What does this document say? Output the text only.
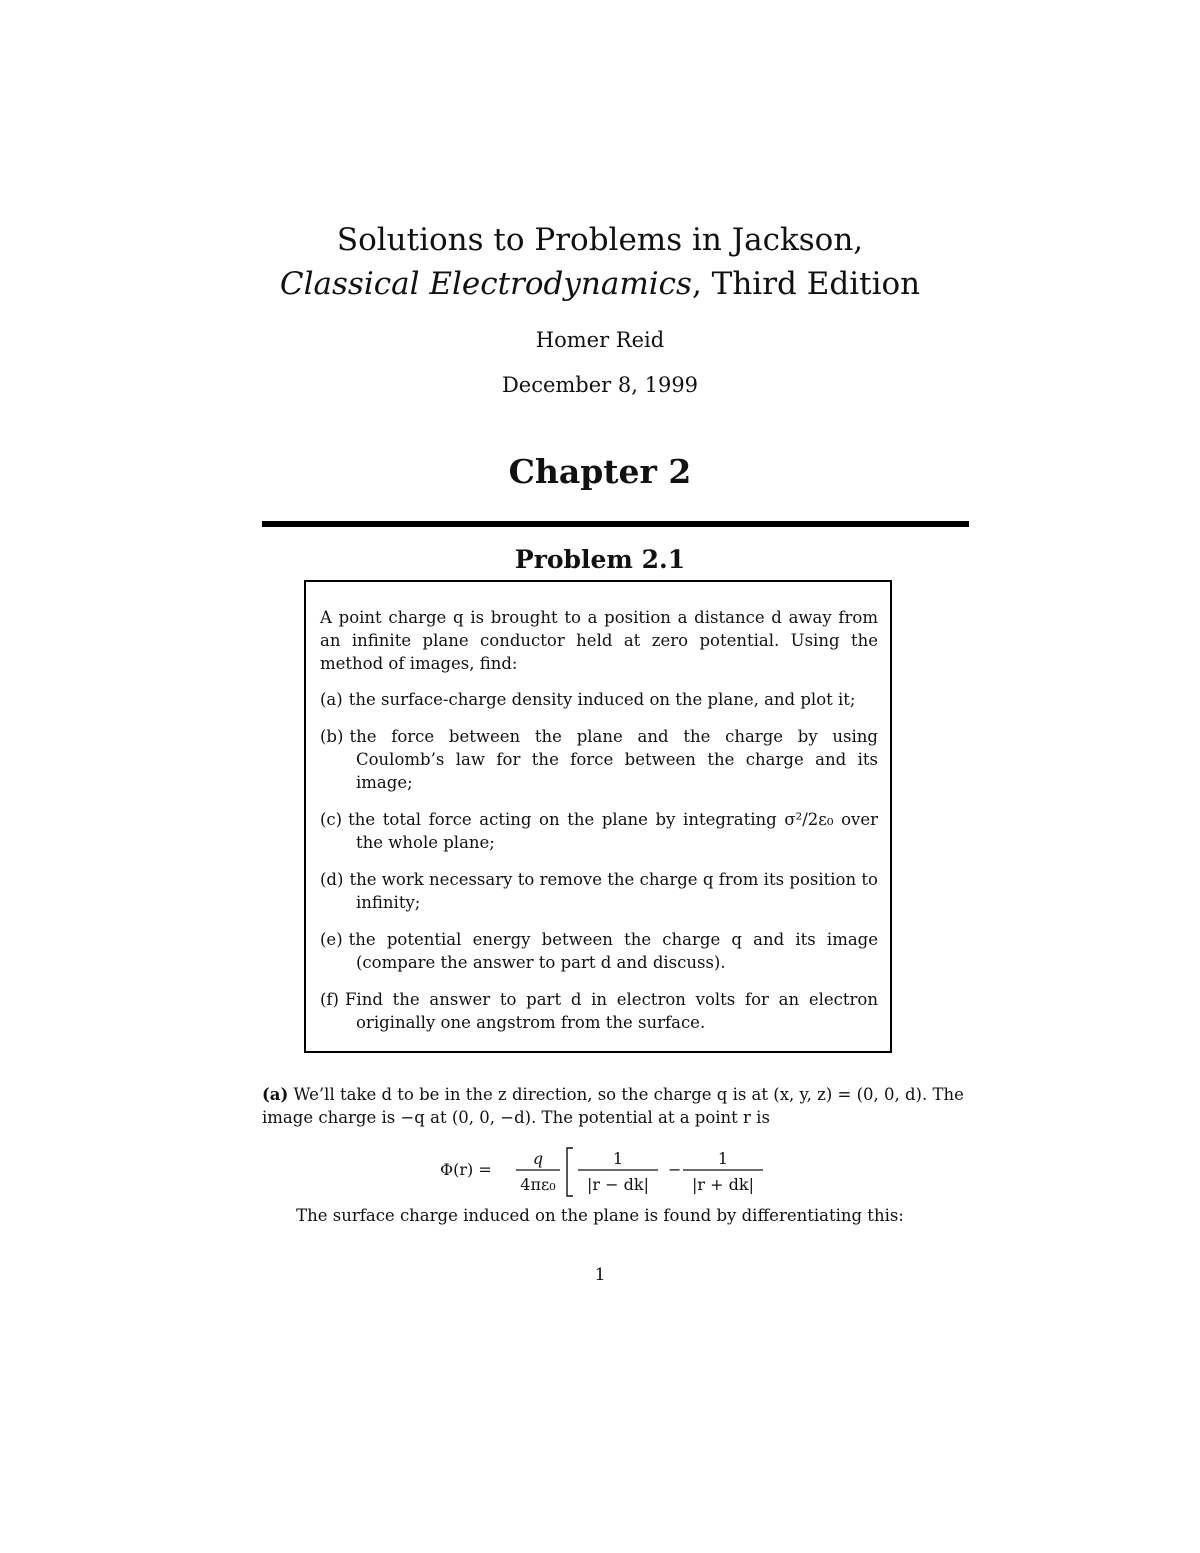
Solutions to Problems in Jackson,
Classical Electrodynamics, Third Edition
Homer Reid
December 8, 1999
Chapter 2
Problem 2.1

A point charge q is brought to a position a distance d away from an infinite plane conductor held at zero potential. Using the method of images, find:

(a) the surface-charge density induced on the plane, and plot it;

(b) the force between the plane and the charge by using Coulomb’s law for the force between the charge and its image;

(c) the total force acting on the plane by integrating σ²/2ε₀ over the whole plane;

(d) the work necessary to remove the charge q from its position to infinity;

(e) the potential energy between the charge q and its image (compare the answer to part d and discuss).

(f) Find the answer to part d in electron volts for an electron originally one angstrom from the surface.

(a) We’ll take d to be in the z direction, so the charge q is at (x, y, z) = (0, 0, d). The image charge is −q at (0, 0, −d). The potential at a point r is
Φ(r) =
q
4πε₀
1
|r − dk|
−
1
|r + dk|
The surface charge induced on the plane is found by differentiating this:
1
